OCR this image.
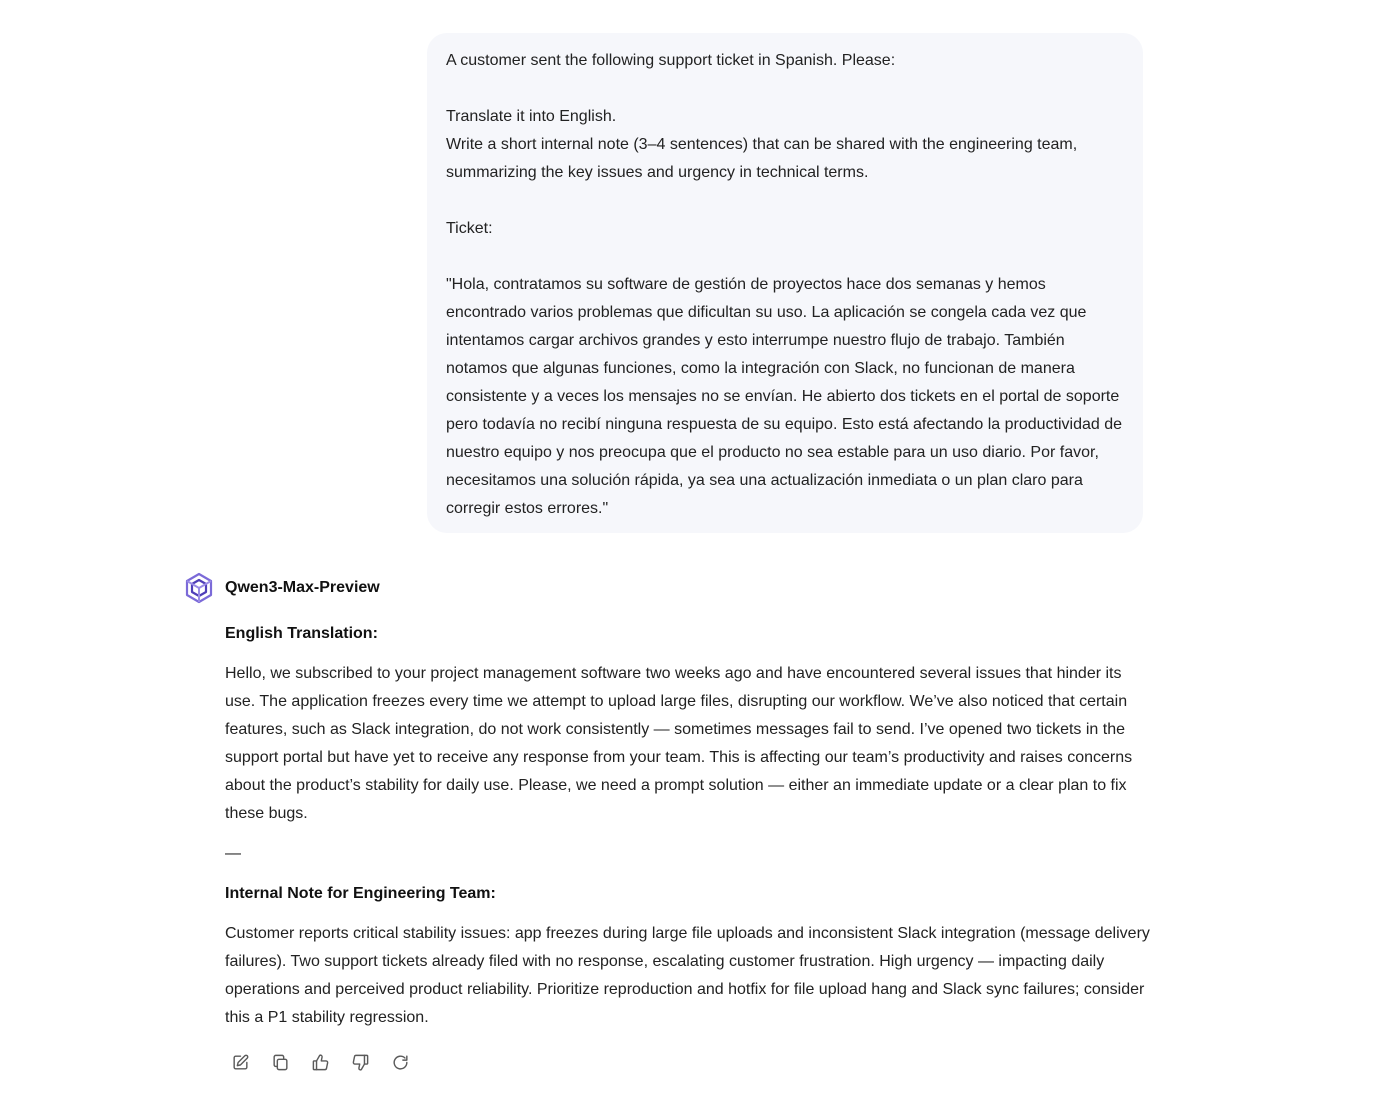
A customer sent the following support ticket in Spanish. Please:

Translate it into English.

Write a short internal note (3–4 sentences) that can be shared with the engineering team, summarizing the key issues and urgency in technical terms.

Ticket:

"Hola, contratamos su software de gestión de proyectos hace dos semanas y hemos encontrado varios problemas que dificultan su uso. La aplicación se congela cada vez que intentamos cargar archivos grandes y esto interrumpe nuestro flujo de trabajo. También notamos que algunas funciones, como la integración con Slack, no funcionan de manera consistente y a veces los mensajes no se envían. He abierto dos tickets en el portal de soporte pero todavía no recibí ninguna respuesta de su equipo. Esto está afectando la productividad de nuestro equipo y nos preocupa que el producto no sea estable para un uso diario. Por favor, necesitamos una solución rápida, ya sea una actualización inmediata o un plan claro para corregir estos errores."

Qwen3-Max-Preview

English Translation:

Hello, we subscribed to your project management software two weeks ago and have encountered several issues that hinder its use. The application freezes every time we attempt to upload large files, disrupting our workflow. We’ve also noticed that certain features, such as Slack integration, do not work consistently — sometimes messages fail to send. I’ve opened two tickets in the support portal but have yet to receive any response from your team. This is affecting our team’s productivity and raises concerns about the product’s stability for daily use. Please, we need a prompt solution — either an immediate update or a clear plan to fix these bugs.

—

Internal Note for Engineering Team:

Customer reports critical stability issues: app freezes during large file uploads and inconsistent Slack integration (message delivery failures). Two support tickets already filed with no response, escalating customer frustration. High urgency — impacting daily operations and perceived product reliability. Prioritize reproduction and hotfix for file upload hang and Slack sync failures; consider this a P1 stability regression.
